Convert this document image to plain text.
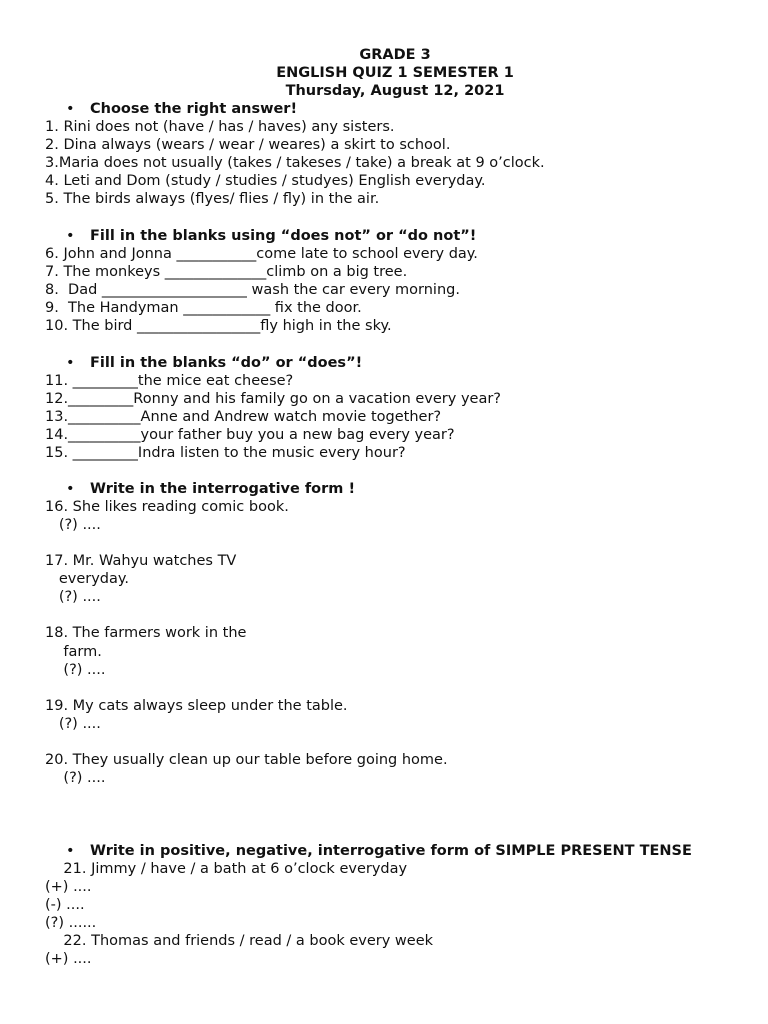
GRADE 3
ENGLISH QUIZ 1 SEMESTER 1
Thursday, August 12, 2021
• Choose the right answer!
1. Rini does not (have / has / haves) any sisters.
2. Dina always (wears / wear / weares) a skirt to school.
3.Maria does not usually (takes / takeses / take) a break at 9 o’clock.
4. Leti and Dom (study / studies / studyes) English everyday.
5. The birds always (flyes/ flies / fly) in the air.
• Fill in the blanks using “does not” or “do not”!
6. John and Jonna ___________come late to school every day.
7. The monkeys ______________climb on a big tree.
8.  Dad ____________________ wash the car every morning.
9.  The Handyman ____________ fix the door.
10. The bird _________________fly high in the sky.
• Fill in the blanks “do” or “does”!
11. _________the mice eat cheese?
12._________Ronny and his family go on a vacation every year?
13.__________Anne and Andrew watch movie together?
14.__________your father buy you a new bag every year?
15. _________Indra listen to the music every hour?
• Write in the interrogative form !
16. She likes reading comic book.
(?) ....
17. Mr. Wahyu watches TV
everyday.
(?) ....
18. The farmers work in the
farm.
(?) ....
19. My cats always sleep under the table.
(?) ....
20. They usually clean up our table before going home.
(?) ....
• Write in positive, negative, interrogative form of SIMPLE PRESENT TENSE
21. Jimmy / have / a bath at 6 o’clock everyday
(+) ....
(-) ....
(?) ......
22. Thomas and friends / read / a book every week
(+) ....
